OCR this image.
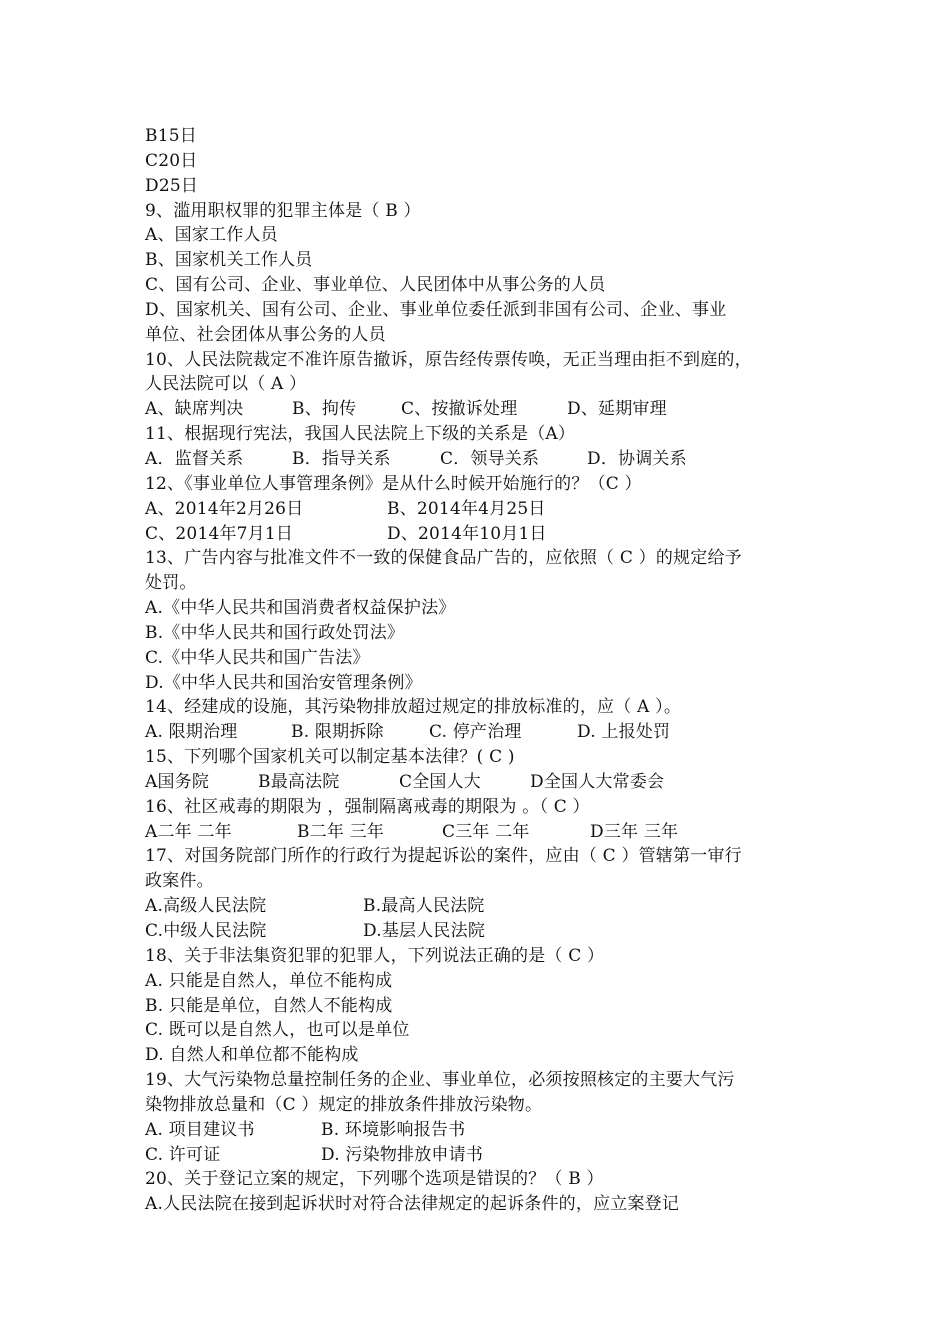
B15日
C20日
D25日
9、滥用职权罪的犯罪主体是（ B ）
A、国家工作人员
B、国家机关工作人员
C、国有公司、企业、事业单位、人民团体中从事公务的人员
D、国家机关、国有公司、企业、事业单位委任派到非国有公司、企业、事业
单位、社会团体从事公务的人员
10、人民法院裁定不准许原告撤诉，原告经传票传唤，无正当理由拒不到庭的，
人民法院可以（ A ）
A、缺席判决	B、拘传	C、按撤诉处理	D、延期审理
11、根据现行宪法，我国人民法院上下级的关系是（A）
A．监督关系	B．指导关系	C．领导关系	D．协调关系
12、《事业单位人事管理条例》是从什么时候开始施行的？（C ）
A、2014年2月26日	B、2014年4月25日
C、2014年7月1日	D、2014年10月1日
13、广告内容与批准文件不一致的保健食品广告的，应依照（ C ）的规定给予
处罚。
A.《中华人民共和国消费者权益保护法》
B.《中华人民共和国行政处罚法》
C.《中华人民共和国广告法》
D.《中华人民共和国治安管理条例》
14、经建成的设施，其污染物排放超过规定的排放标准的，应（ A ）。
A. 限期治理	B. 限期拆除	C. 停产治理	D. 上报处罚
15、下列哪个国家机关可以制定基本法律？( C )
A国务院	B最高法院	C全国人大	D全国人大常委会
16、社区戒毒的期限为 ，强制隔离戒毒的期限为 。（ C ）
A二年 二年	B二年 三年	C三年 二年	D三年 三年
17、对国务院部门所作的行政行为提起诉讼的案件，应由（ C ）管辖第一审行
政案件。
A.高级人民法院	B.最高人民法院
C.中级人民法院	D.基层人民法院
18、关于非法集资犯罪的犯罪人，下列说法正确的是（ C ）
A. 只能是自然人，单位不能构成
B. 只能是单位，自然人不能构成
C. 既可以是自然人，也可以是单位
D. 自然人和单位都不能构成
19、大气污染物总量控制任务的企业、事业单位，必须按照核定的主要大气污
染物排放总量和（C ）规定的排放条件排放污染物。
A. 项目建议书	B. 环境影响报告书
C. 许可证	D. 污染物排放申请书
20、关于登记立案的规定，下列哪个选项是错误的？（ B ）
A.人民法院在接到起诉状时对符合法律规定的起诉条件的，应立案登记
